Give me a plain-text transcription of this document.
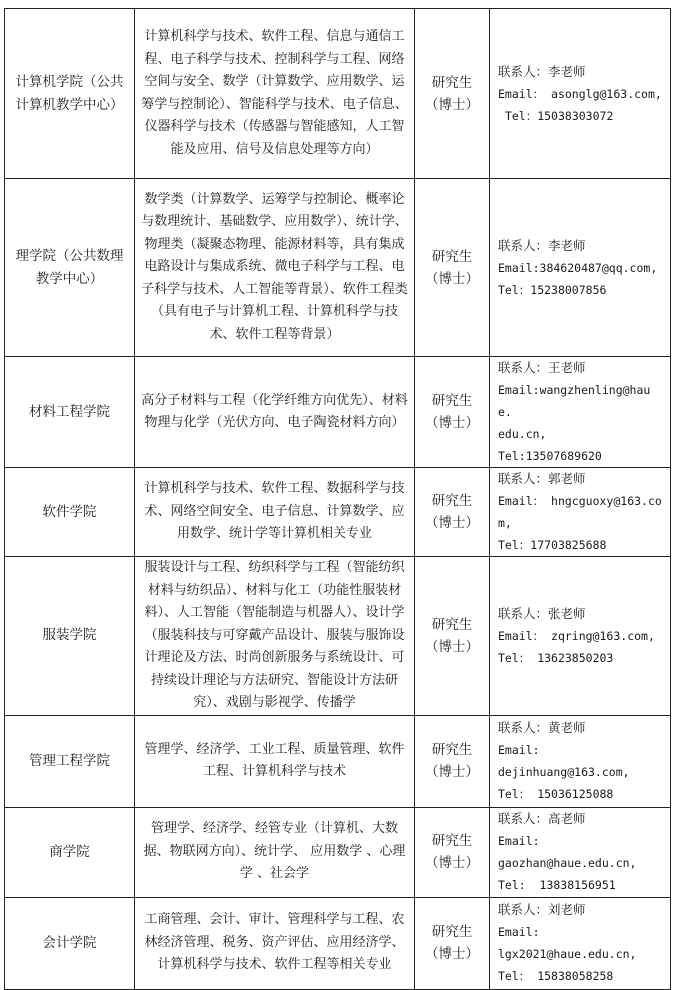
计算机学院（公共计算机教学中心）	计算机科学与技术、软件工程、信息与通信工程、电子科学与技术、控制科学与工程、网络空间与安全、数学（计算数学、应用数学、运筹学与控制论）、智能科学与技术、电子信息、仪器科学与技术（传感器与智能感知，人工智能及应用、信号及信息处理等方向）	研究生
（博士）	联系人：李老师
Email： asonglg@163.com,
Tel：15038303072

理学院（公共数理教学中心）	数学类（计算数学、运筹学与控制论、概率论与数理统计、基础数学、应用数学）、统计学、物理类（凝聚态物理、能源材料等，具有集成电路设计与集成系统、微电子科学与工程、电子科学与技术、人工智能等背景）、软件工程类（具有电子与计算机工程、计算机科学与技术、软件工程等背景）	研究生
（博士）	联系人：李老师
Email:384620487@qq.com,
Tel：15238007856

材料工程学院	高分子材料与工程（化学纤维方向优先）、材料物理与化学（光伏方向、电子陶瓷材料方向）	研究生
（博士）	联系人：王老师
Email:wangzhenling@haue.
edu.cn,
Tel:13507689620

软件学院	计算机科学与技术、软件工程、数据科学与技术、网络空间安全、电子信息、计算数学、应用数学、统计学等计算机相关专业	研究生
（博士）	联系人：郭老师
Email： hngcguoxy@163.com,
Tel：17703825688

服装学院	服装设计与工程、纺织科学与工程（智能纺织材料与纺织品）、材料与化工（功能性服装材料）、人工智能（智能制造与机器人）、设计学（服装科技与可穿戴产品设计、服装与服饰设计理论及方法、时尚创新服务与系统设计、可持续设计理论与方法研究、智能设计方法研究）、戏剧与影视学、传播学	研究生
（博士）	联系人：张老师
Email： zqring@163.com,
Tel： 13623850203

管理工程学院	管理学、经济学、工业工程、质量管理、软件工程、计算机科学与技术	研究生
（博士）	联系人：黄老师
Email:
dejinhuang@163.com,
Tel： 15036125088

商学院	管理学、经济学、经管专业（计算机、大数据、物联网方向）、统计学、 应用数学 、心理学 、社会学	研究生
（博士）	联系人：高老师
Email:
gaozhan@haue.edu.cn,
Tel:  13838156951

会计学院	工商管理、会计、审计、管理科学与工程、农林经济管理、税务、资产评估、应用经济学、计算机科学与技术、软件工程等相关专业	研究生
（博士）	联系人：刘老师
Email:
lgx2021@haue.edu.cn,
Tel： 15838058258
